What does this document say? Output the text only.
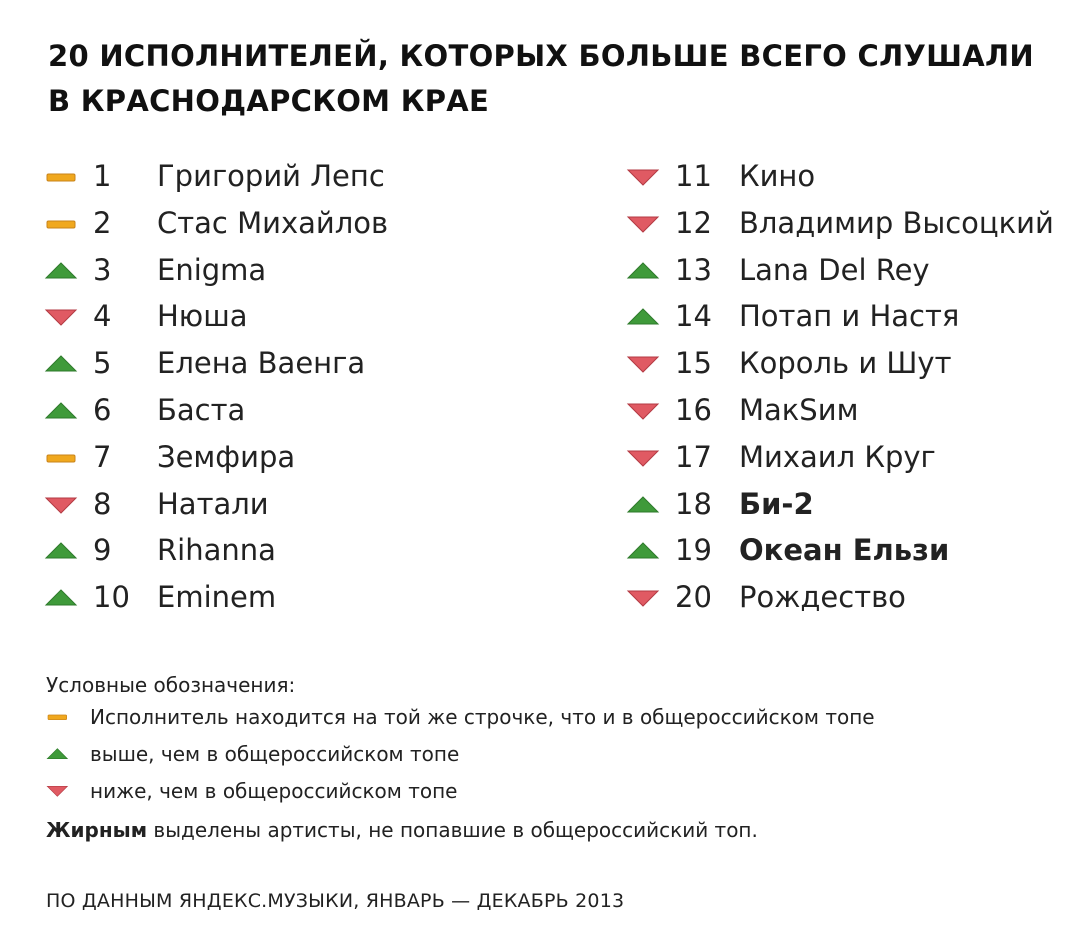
20 ИСПОЛНИТЕЛЕЙ, КОТОРЫХ БОЛЬШЕ ВСЕГО СЛУШАЛИ В КРАСНОДАРСКОМ КРАЕ
1 Григорий Лепс
2 Стас Михайлов
3 Enigma
4 Нюша
5 Елена Ваенга
6 Баста
7 Земфира
8 Натали
9 Rihanna
10 Eminem
11 Кино
12 Владимир Высоцкий
13 Lana Del Rey
14 Потап и Настя
15 Король и Шут
16 МакSим
17 Михаил Круг
18 Би-2
19 Океан Ельзи
20 Рождество
Условные обозначения:
Исполнитель находится на той же строчке, что и в общероссийском топе
выше, чем в общероссийском топе
ниже, чем в общероссийском топе
Жирным выделены артисты, не попавшие в общероссийский топ.
ПО ДАННЫМ ЯНДЕКС.МУЗЫКИ, ЯНВАРЬ — ДЕКАБРЬ 2013
